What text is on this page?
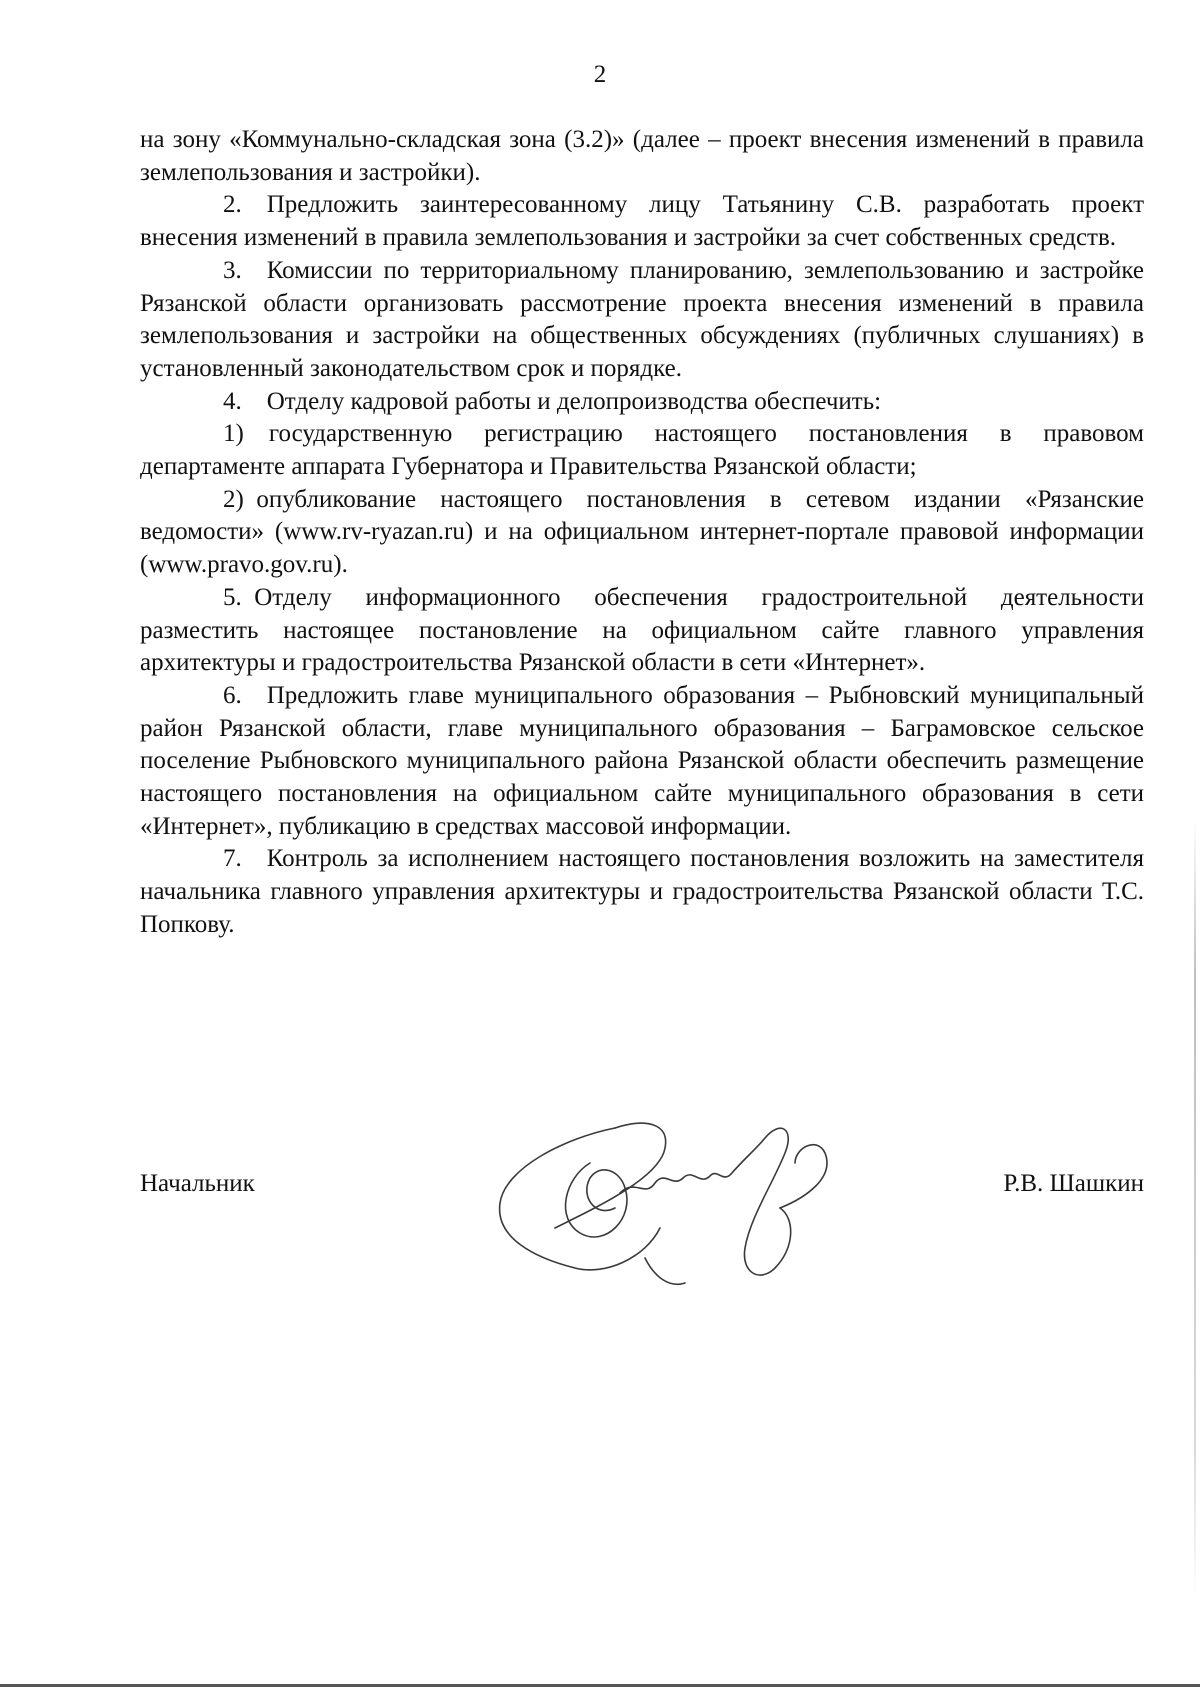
2

на зону «Коммунально-складская зона (3.2)» (далее – проект внесения изменений в правила землепользования и застройки).

2. Предложить заинтересованному лицу Татьянину С.В. разработать проект внесения изменений в правила землепользования и застройки за счет собственных средств.

3. Комиссии по территориальному планированию, землепользованию и застройке Рязанской области организовать рассмотрение проекта внесения изменений в правила землепользования и застройки на общественных обсуждениях (публичных слушаниях) в установленный законодательством срок и порядке.

4. Отделу кадровой работы и делопроизводства обеспечить:

1) государственную регистрацию настоящего постановления в правовом департаменте аппарата Губернатора и Правительства Рязанской области;

2) опубликование настоящего постановления в сетевом издании «Рязанские ведомости» (www.rv-ryazan.ru) и на официальном интернет-портале правовой информации (www.pravo.gov.ru).

5. Отделу информационного обеспечения градостроительной деятельности разместить настоящее постановление на официальном сайте главного управления архитектуры и градостроительства Рязанской области в сети «Интернет».

6. Предложить главе муниципального образования – Рыбновский муниципальный район Рязанской области, главе муниципального образования – Баграмовское сельское поселение Рыбновского муниципального района Рязанской области обеспечить размещение настоящего постановления на официальном сайте муниципального образования в сети «Интернет», публикацию в средствах массовой информации.

7. Контроль за исполнением настоящего постановления возложить на заместителя начальника главного управления архитектуры и градостроительства Рязанской области Т.С. Попкову.

Начальник	Р.В. Шашкин
